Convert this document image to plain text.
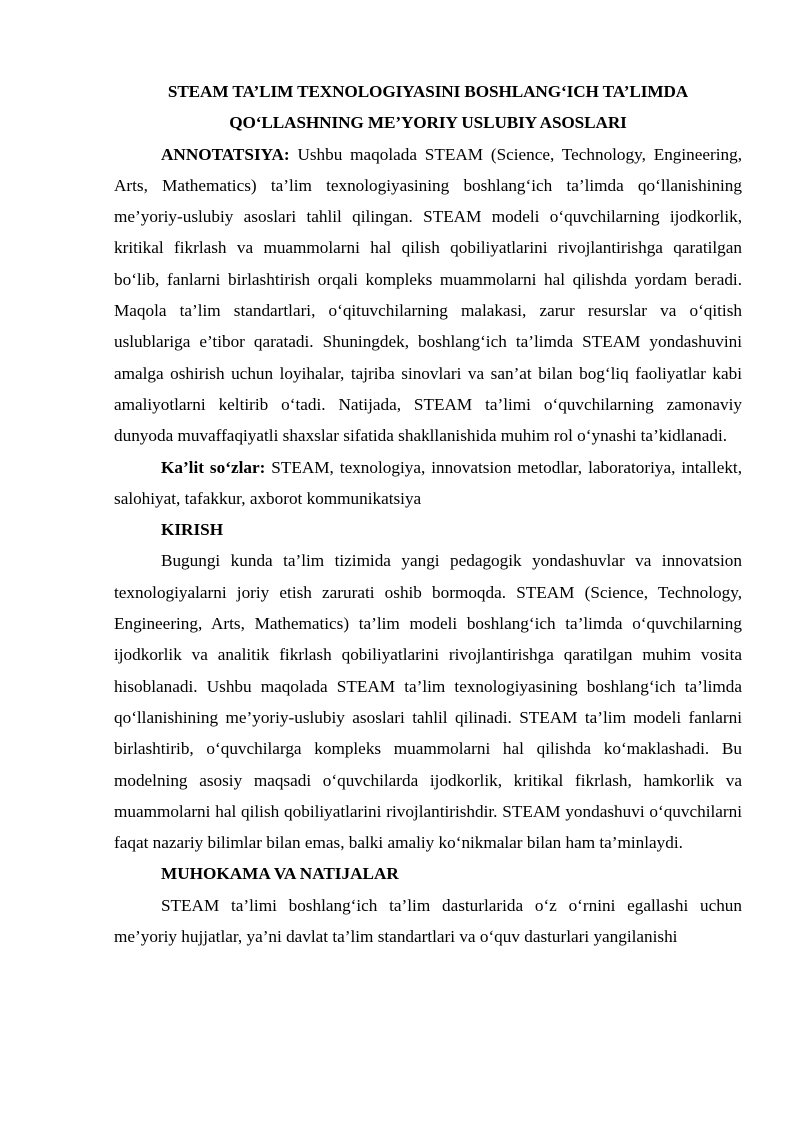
STEAM TA’LIM TEXNOLOGIYASINI BOSHLANG‘ICH TA’LIMDA

QO‘LLASHNING ME’YORIY USLUBIY ASOSLARI

ANNOTATSIYA: Ushbu maqolada STEAM (Science, Technology, Engineering, Arts, Mathematics) ta’lim texnologiyasining boshlang‘ich ta’limda qo‘llanishining me’yoriy-uslubiy asoslari tahlil qilingan. STEAM modeli o‘quvchilarning ijodkorlik, kritikal fikrlash va muammolarni hal qilish qobiliyatlarini rivojlantirishga qaratilgan bo‘lib, fanlarni birlashtirish orqali kompleks muammolarni hal qilishda yordam beradi. Maqola ta’lim standartlari, o‘qituvchilarning malakasi, zarur resurslar va o‘qitish uslublariga e’tibor qaratadi. Shuningdek, boshlang‘ich ta’limda STEAM yondashuvini amalga oshirish uchun loyihalar, tajriba sinovlari va san’at bilan bog‘liq faoliyatlar kabi amaliyotlarni keltirib o‘tadi. Natijada, STEAM ta’limi o‘quvchilarning zamonaviy dunyoda muvaffaqiyatli shaxslar sifatida shakllanishida muhim rol o‘ynashi ta’kidlanadi.

Ka’lit so‘zlar: STEAM, texnologiya, innovatsion metodlar, laboratoriya, intallekt, salohiyat, tafakkur, axborot kommunikatsiya

KIRISH

Bugungi kunda ta’lim tizimida yangi pedagogik yondashuvlar va innovatsion texnologiyalarni joriy etish zarurati oshib bormoqda. STEAM (Science, Technology, Engineering, Arts, Mathematics) ta’lim modeli boshlang‘ich ta’limda o‘quvchilarning ijodkorlik va analitik fikrlash qobiliyatlarini rivojlantirishga qaratilgan muhim vosita hisoblanadi. Ushbu maqolada STEAM ta’lim texnologiyasining boshlang‘ich ta’limda qo‘llanishining me’yoriy-uslubiy asoslari tahlil qilinadi. STEAM ta’lim modeli fanlarni birlashtirib, o‘quvchilarga kompleks muammolarni hal qilishda ko‘maklashadi. Bu modelning asosiy maqsadi o‘quvchilarda ijodkorlik, kritikal fikrlash, hamkorlik va muammolarni hal qilish qobiliyatlarini rivojlantirishdir. STEAM yondashuvi o‘quvchilarni faqat nazariy bilimlar bilan emas, balki amaliy ko‘nikmalar bilan ham ta’minlaydi.

MUHOKAMA VA NATIJALAR

STEAM ta’limi boshlang‘ich ta’lim dasturlarida o‘z o‘rnini egallashi uchun me’yoriy hujjatlar, ya’ni davlat ta’lim standartlari va o‘quv dasturlari yangilanishi
